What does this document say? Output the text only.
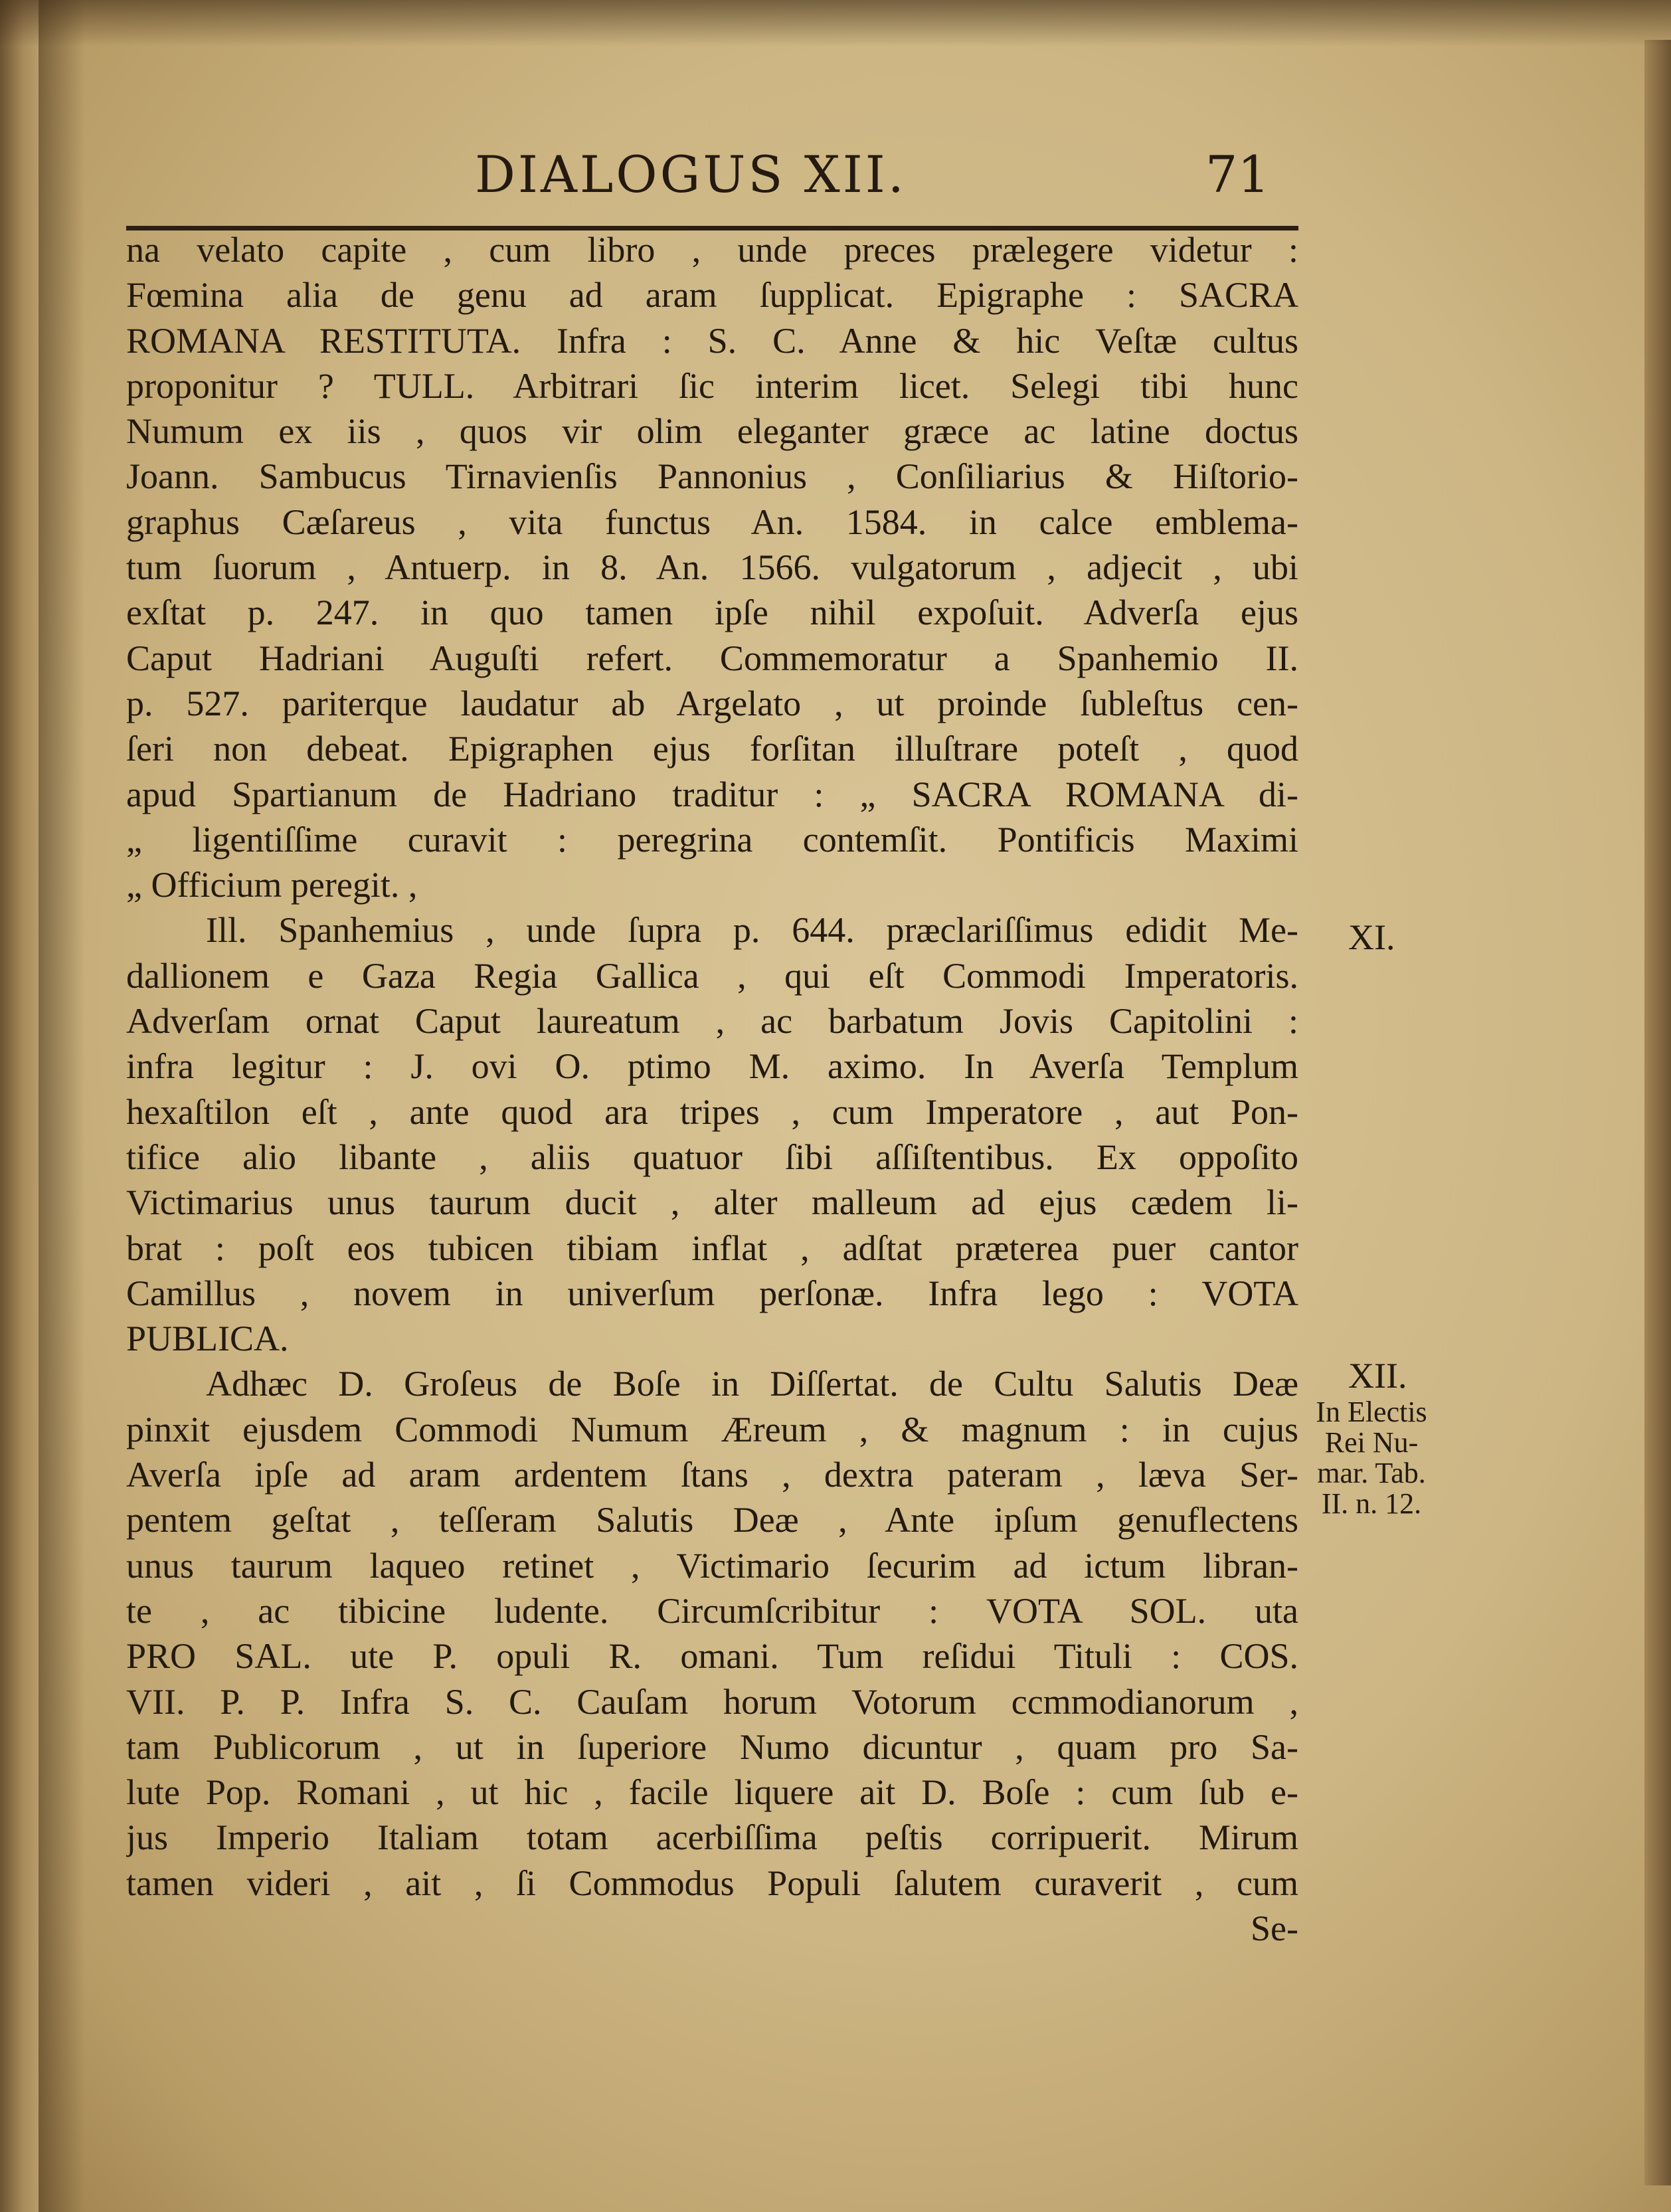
DIALOGUS XII.	71
na velato capite , cum libro , unde preces prælegere videtur :
Fœmina alia de genu ad aram ſupplicat. Epigraphe : SACRA
ROMANA RESTITUTA. Infra : S. C. Anne & hic Veſtæ cultus
proponitur ? TULL. Arbitrari ſic interim licet. Selegi tibi hunc
Numum ex iis , quos vir olim eleganter græce ac latine doctus
Joann. Sambucus Tirnavienſis Pannonius , Conſiliarius & Hiſtorio-
graphus Cæſareus , vita functus An. 1584. in calce emblema-
tum ſuorum , Antuerp. in 8. An. 1566. vulgatorum , adjecit , ubi
exſtat p. 247. in quo tamen ipſe nihil expoſuit. Adverſa ejus
Caput Hadriani Auguſti refert. Commemoratur a Spanhemio II.
p. 527. pariterque laudatur ab Argelato , ut proinde ſubleſtus cen-
ſeri non debeat. Epigraphen ejus forſitan illuſtrare poteſt , quod
apud Spartianum de Hadriano traditur : „ SACRA ROMANA di-
„ ligentiſſime curavit : peregrina contemſit. Pontificis Maximi
„ Officium peregit. ,
Ill. Spanhemius , unde ſupra p. 644. præclariſſimus edidit Me-
dallionem e Gaza Regia Gallica , qui eſt Commodi Imperatoris.
Adverſam ornat Caput laureatum , ac barbatum Jovis Capitolini :
infra legitur : J. ovi O. ptimo M. aximo. In Averſa Templum
hexaſtilon eſt , ante quod ara tripes , cum Imperatore , aut Pon-
tifice alio libante , aliis quatuor ſibi aſſiſtentibus. Ex oppoſito
Victimarius unus taurum ducit , alter malleum ad ejus cædem li-
brat : poſt eos tubicen tibiam inflat , adſtat præterea puer cantor
Camillus , novem in univerſum perſonæ. Infra lego : VOTA
PUBLICA.
Adhæc D. Groſeus de Boſe in Diſſertat. de Cultu Salutis Deæ
pinxit ejusdem Commodi Numum Æreum , & magnum : in cujus
Averſa ipſe ad aram ardentem ſtans , dextra pateram , læva Ser-
pentem geſtat , teſſeram Salutis Deæ , Ante ipſum genuflectens
unus taurum laqueo retinet , Victimario ſecurim ad ictum libran-
te , ac tibicine ludente. Circumſcribitur : VOTA SOL. uta
PRO SAL. ute P. opuli R. omani. Tum reſidui Tituli : COS.
VII. P. P. Infra S. C. Cauſam horum Votorum ccmmodianorum ,
tam Publicorum , ut in ſuperiore Numo dicuntur , quam pro Sa-
lute Pop. Romani , ut hic , facile liquere ait D. Boſe : cum ſub e-
jus Imperio Italiam totam acerbiſſima peſtis corripuerit. Mirum
tamen videri , ait , ſi Commodus Populi ſalutem curaverit , cum
Se-
XI.
XII.
In Electis
Rei Nu-
mar. Tab.
II. n. 12.
